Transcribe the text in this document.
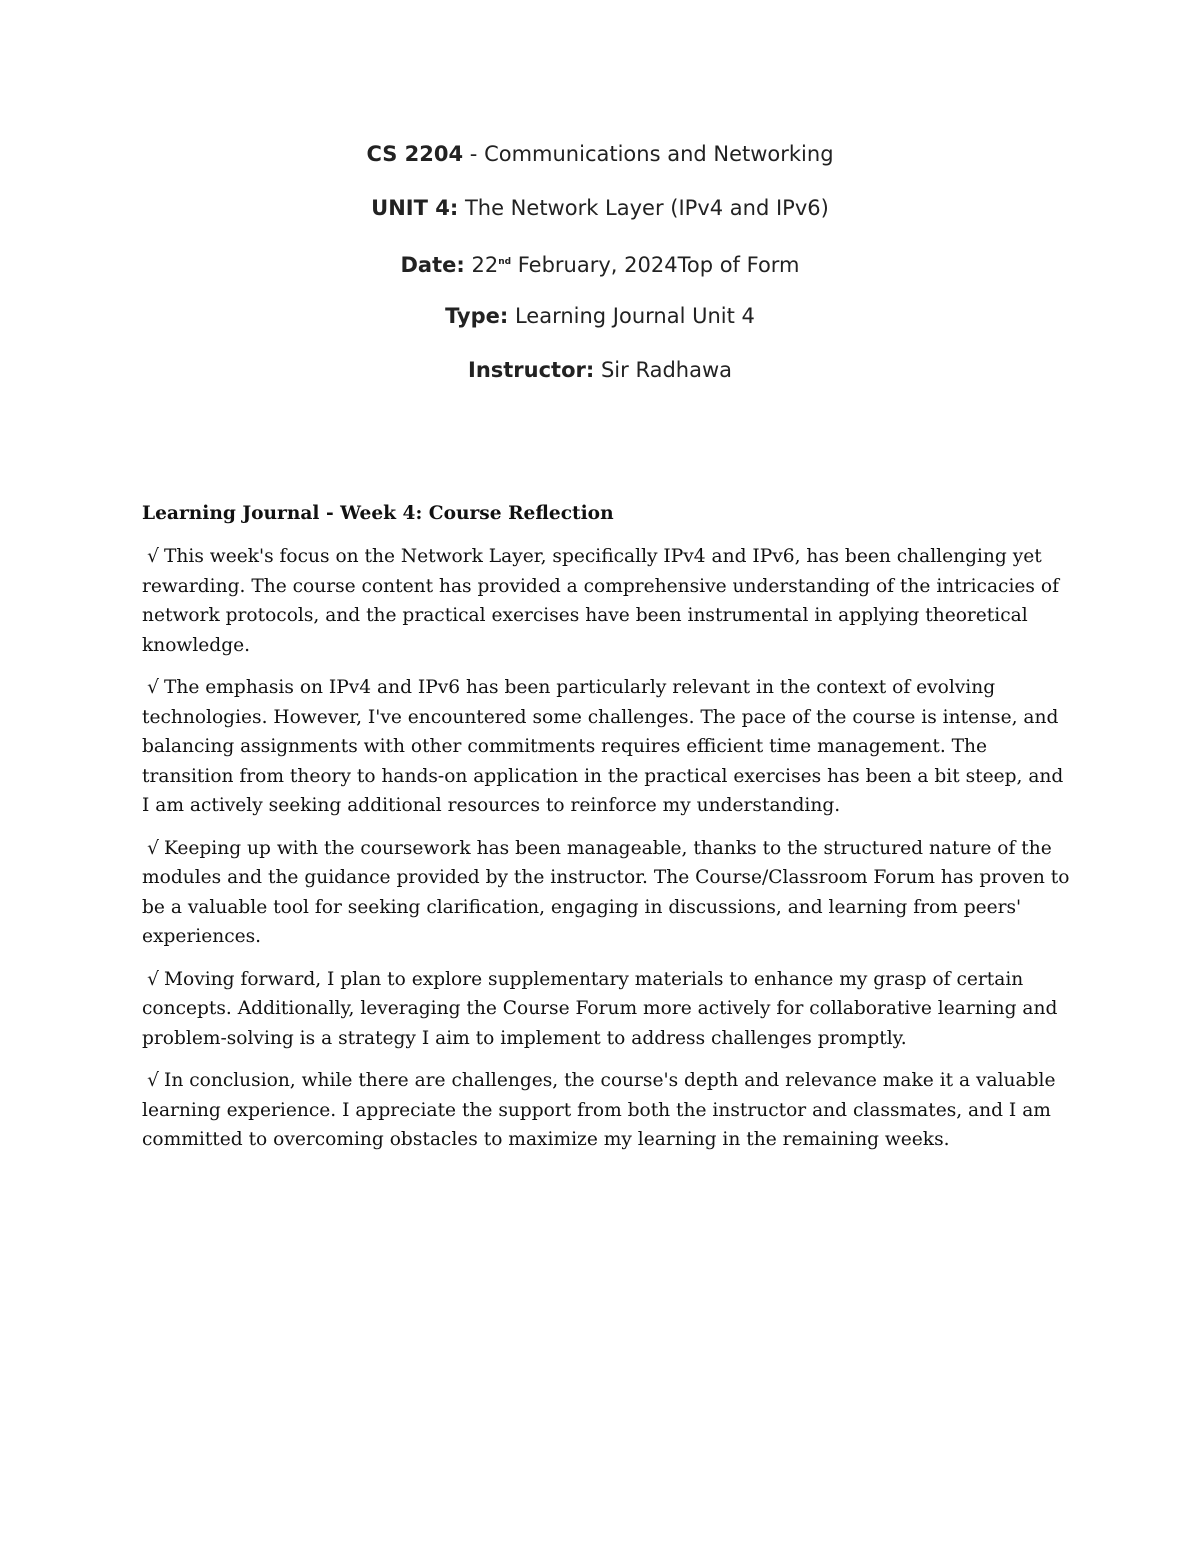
CS 2204 - Communications and Networking
UNIT 4: The Network Layer (IPv4 and IPv6)
Date: 22nd February, 2024Top of Form
Type: Learning Journal Unit 4
Instructor: Sir Radhawa
Learning Journal - Week 4: Course Reflection

√ This week's focus on the Network Layer, specifically IPv4 and IPv6, has been challenging yet rewarding. The course content has provided a comprehensive understanding of the intricacies of network protocols, and the practical exercises have been instrumental in applying theoretical knowledge.

√ The emphasis on IPv4 and IPv6 has been particularly relevant in the context of evolving technologies. However, I've encountered some challenges. The pace of the course is intense, and balancing assignments with other commitments requires efficient time management. The transition from theory to hands-on application in the practical exercises has been a bit steep, and I am actively seeking additional resources to reinforce my understanding.

√ Keeping up with the coursework has been manageable, thanks to the structured nature of the modules and the guidance provided by the instructor. The Course/Classroom Forum has proven to be a valuable tool for seeking clarification, engaging in discussions, and learning from peers' experiences.

√ Moving forward, I plan to explore supplementary materials to enhance my grasp of certain concepts. Additionally, leveraging the Course Forum more actively for collaborative learning and problem-solving is a strategy I aim to implement to address challenges promptly.

√ In conclusion, while there are challenges, the course's depth and relevance make it a valuable learning experience. I appreciate the support from both the instructor and classmates, and I am committed to overcoming obstacles to maximize my learning in the remaining weeks.
